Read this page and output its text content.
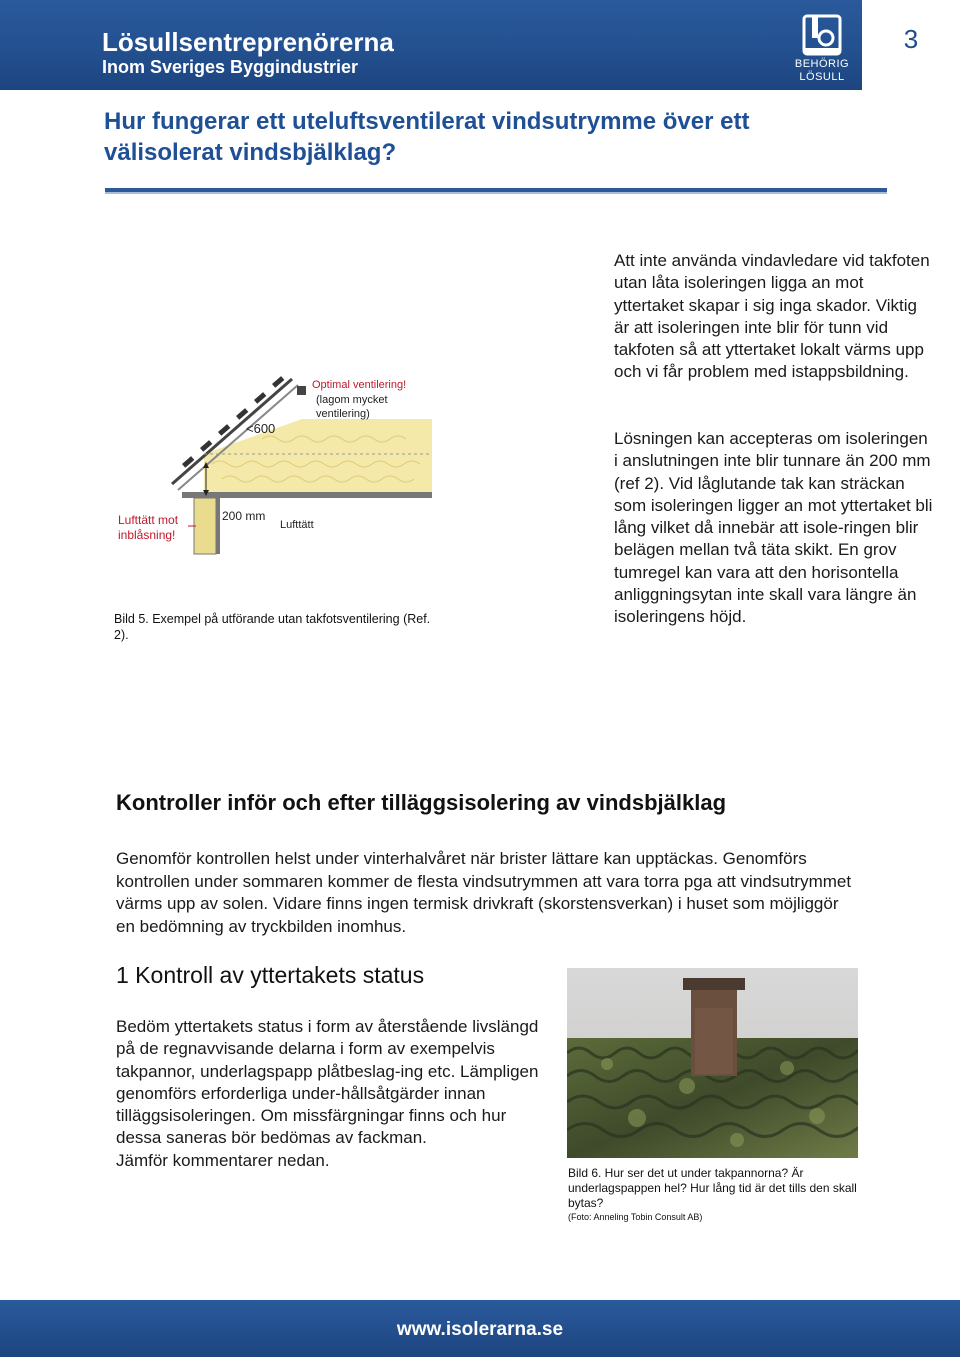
Lösullsentreprenörerna
Inom Sveriges Byggindustrier	BEHÖRIG
LÖSULL
3
Hur fungerar ett uteluftsventilerat vindsutrymme över ett välisolerat vindsbjälklag?
Att inte använda vindavledare vid takfoten utan låta isoleringen ligga an mot yttertaket skapar i sig inga skador. Viktig är att isoleringen inte blir för tunn vid takfoten så att yttertaket lokalt värms upp och vi får problem med istappsbildning.
Lösningen kan accepteras om isoleringen i anslutningen inte blir tunnare än 200 mm (ref 2). Vid låglutande tak kan sträckan som isoleringen ligger an mot yttertaket bli lång vilket då innebär att isole-ringen blir belägen mellan två täta skikt. En grov tumregel kan vara att den horisontella anliggningsytan inte skall vara längre än isoleringens höjd.
Optimal ventilering!
(lagom mycket
ventilering)
<600
200 mm
Lufttätt
Lufttätt mot
inblåsning!
Bild 5. Exempel på utförande utan takfotsventilering (Ref. 2).
Kontroller inför och efter tilläggsisolering av vindsbjälklag
Genomför kontrollen helst under vinterhalvåret när brister lättare kan upptäckas. Genomförs kontrollen under sommaren kommer de flesta vindsutrymmen att vara torra pga att vindsutrymmet värms upp av solen. Vidare finns ingen termisk drivkraft (skorstensverkan) i huset som möjliggör en bedömning av tryckbilden inomhus.
1 Kontroll av yttertakets status
Bedöm yttertakets status i form av återstående livslängd på de regnavvisande delarna i form av exempelvis takpannor, underlagspapp plåtbeslag-ing etc. Lämpligen genomförs erforderliga under-hållsåtgärder innan tilläggsisoleringen. Om missfärgningar finns och hur dessa saneras bör bedömas av fackman.
Jämför kommentarer nedan.
Bild 6. Hur ser det ut under takpannorna? Är underlagspappen hel? Hur lång tid är det tills den skall bytas?
(Foto: Anneling Tobin Consult AB)
www.isolerarna.se
